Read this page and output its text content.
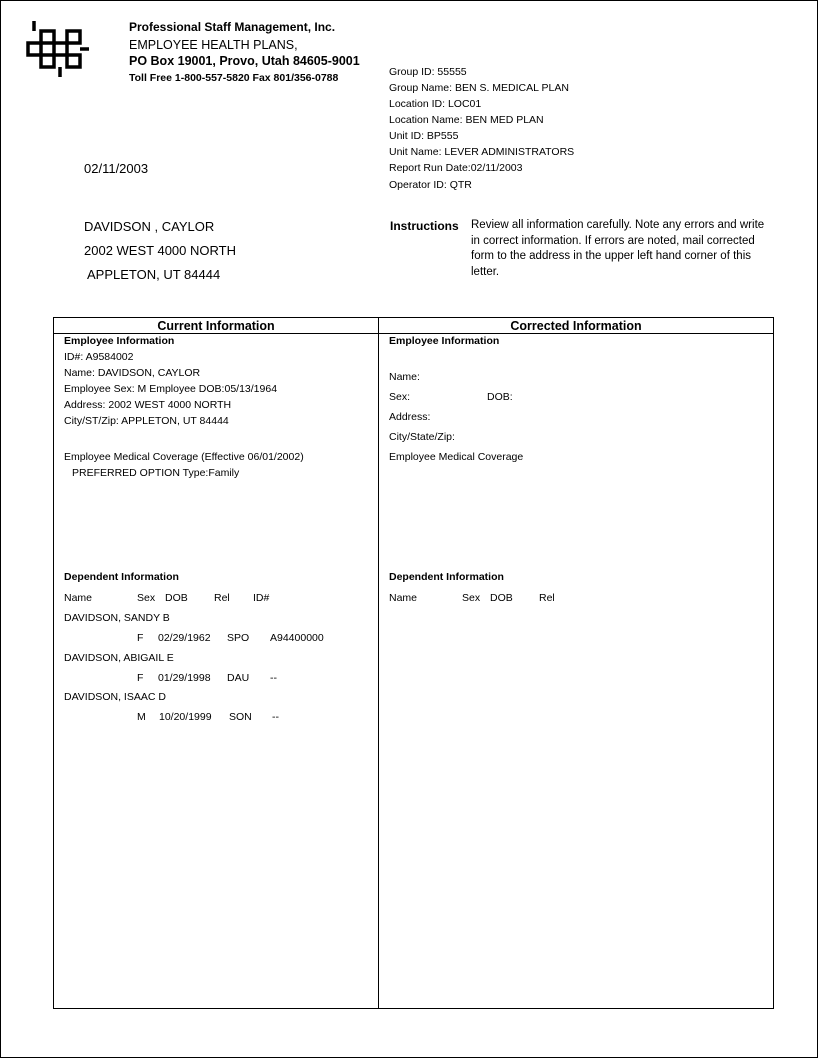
Professional Staff Management, Inc.
EMPLOYEE HEALTH PLANS,
PO Box 19001, Provo, Utah 84605-9001
Toll Free 1-800-557-5820 Fax 801/356-0788	Group ID: 55555
Group Name: BEN S. MEDICAL PLAN
Location ID: LOC01
Location Name: BEN MED PLAN
Unit ID: BP555
Unit Name: LEVER ADMINISTRATORS
Report Run Date:02/11/2003
Operator ID: QTR
02/11/2003
DAVIDSON , CAYLOR
2002 WEST 4000 NORTH
APPLETON, UT 84444
Instructions Review all information carefully. Note any errors and write in correct information. If errors are noted, mail corrected form to the address in the upper left hand corner of this letter.
Current Information	Corrected Information
Employee Information
ID#: A9584002
Name: DAVIDSON, CAYLOR
Employee Sex: M Employee DOB:05/13/1964
Address: 2002 WEST 4000 NORTH
City/ST/Zip: APPLETON, UT 84444
Employee Medical Coverage (Effective 06/01/2002)
PREFERRED OPTION Type:Family
Dependent Information
Name	Sex DOB Rel ID#
DAVIDSON, SANDY B
F 02/29/1962 SPO A94400000
DAVIDSON, ABIGAIL E
F 01/29/1998 DAU --
DAVIDSON, ISAAC D
M 10/20/1999 SON --
Employee Information
Name:
Sex:	DOB:
Address:
City/State/Zip:
Employee Medical Coverage
Dependent Information
Name	Sex DOB Rel
